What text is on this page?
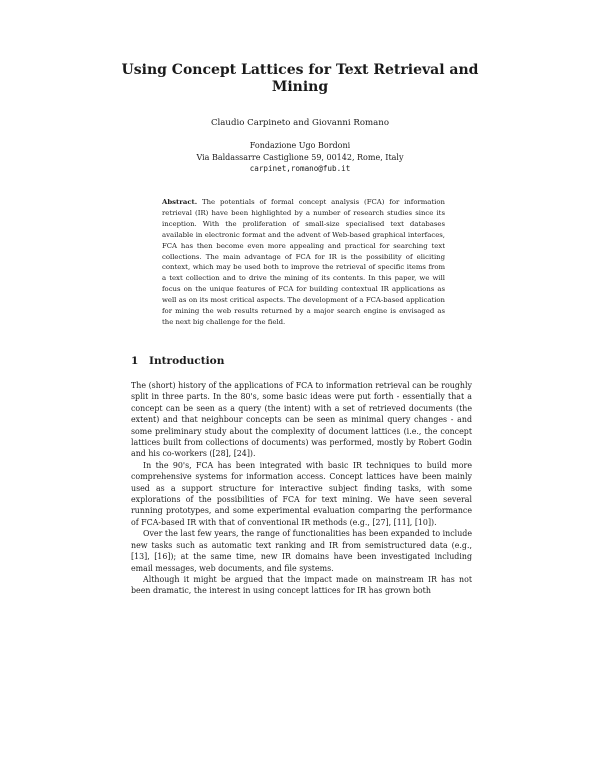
Using Concept Lattices for Text Retrieval and Mining
Claudio Carpineto and Giovanni Romano
Fondazione Ugo Bordoni
Via Baldassarre Castiglione 59, 00142, Rome, Italy
carpinet,romano@fub.it
Abstract. The potentials of formal concept analysis (FCA) for information retrieval (IR) have been highlighted by a number of research studies since its inception. With the proliferation of small-size specialised text databases available in electronic format and the advent of Web-based graphical interfaces, FCA has then become even more appealing and practical for searching text collections. The main advantage of FCA for IR is the possibility of eliciting context, which may be used both to improve the retrieval of specific items from a text collection and to drive the mining of its contents. In this paper, we will focus on the unique features of FCA for building contextual IR applications as well as on its most critical aspects. The development of a FCA-based application for mining the web results returned by a major search engine is envisaged as the next big challenge for the field.
1 Introduction

The (short) history of the applications of FCA to information retrieval can be roughly split in three parts. In the 80's, some basic ideas were put forth - essentially that a concept can be seen as a query (the intent) with a set of retrieved documents (the extent) and that neighbour concepts can be seen as minimal query changes - and some preliminary study about the complexity of document lattices (i.e., the concept lattices built from collections of documents) was performed, mostly by Robert Godin and his co-workers ([28], [24]).

In the 90's, FCA has been integrated with basic IR techniques to build more comprehensive systems for information access. Concept lattices have been mainly used as a support structure for interactive subject finding tasks, with some explorations of the possibilities of FCA for text mining. We have seen several running prototypes, and some experimental evaluation comparing the performance of FCA-based IR with that of conventional IR methods (e.g., [27], [11], [10]).

Over the last few years, the range of functionalities has been expanded to include new tasks such as automatic text ranking and IR from semistructured data (e.g., [13], [16]); at the same time, new IR domains have been investigated including email messages, web documents, and file systems.

Although it might be argued that the impact made on mainstream IR has not been dramatic, the interest in using concept lattices for IR has grown both
